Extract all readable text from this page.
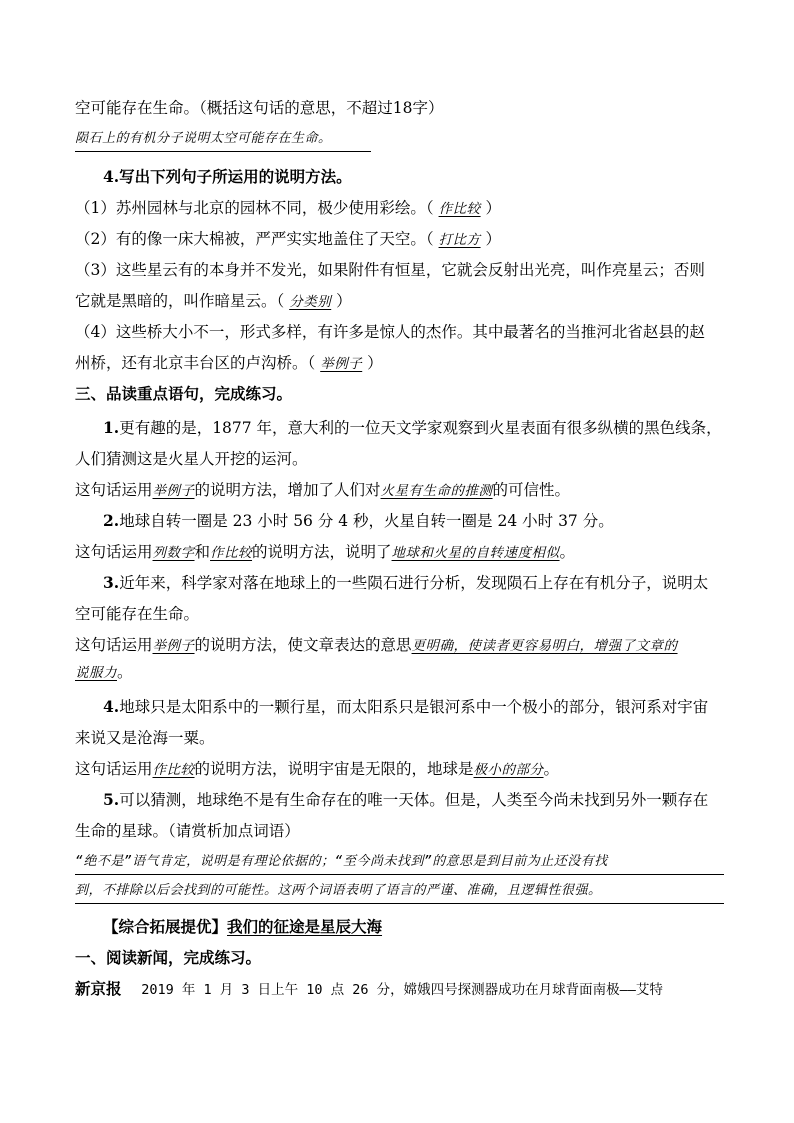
空可能存在生命。（概括这句话的意思，不超过18字）
陨石上的有机分子说明太空可能存在生命。
4.写出下列句子所运用的说明方法。
（1）苏州园林与北京的园林不同，极少使用彩绘。（ 作比较 ）
（2）有的像一床大棉被，严严实实地盖住了天空。（ 打比方 ）
（3）这些星云有的本身并不发光，如果附件有恒星，它就会反射出光亮，叫作亮星云；否则
它就是黑暗的，叫作暗星云。（ 分类别 ）
（4）这些桥大小不一，形式多样，有许多是惊人的杰作。其中最著名的当推河北省赵县的赵
州桥，还有北京丰台区的卢沟桥。（ 举例子 ）
三、品读重点语句，完成练习。
1.更有趣的是，1877 年，意大利的一位天文学家观察到火星表面有很多纵横的黑色线条，
人们猜测这是火星人开挖的运河。
这句话运用举例子的说明方法，增加了人们对火星有生命的推测的可信性。
2.地球自转一圈是 23 小时 56 分 4 秒，火星自转一圈是 24 小时 37 分。
这句话运用列数字和作比较的说明方法，说明了地球和火星的自转速度相似。
3.近年来，科学家对落在地球上的一些陨石进行分析，发现陨石上存在有机分子，说明太
空可能存在生命。
这句话运用举例子的说明方法，使文章表达的意思更明确，使读者更容易明白，增强了文章的
说服力。
4.地球只是太阳系中的一颗行星，而太阳系只是银河系中一个极小的部分，银河系对宇宙
来说又是沧海一粟。
这句话运用作比较的说明方法，说明宇宙是无限的，地球是极小的部分。
5.可以猜测，地球绝不是有生命存在的唯一天体。但是，人类至今尚未找到另外一颗存在
生命的星球。（请赏析加点词语）
“绝不是”语气肯定，说明是有理论依据的；“至今尚未找到”的意思是到目前为止还没有找
到，不排除以后会找到的可能性。这两个词语表明了语言的严谨、准确，且逻辑性很强。
【综合拓展提优】我们的征途是星辰大海
一、阅读新闻，完成练习。
新京报 2019 年 1 月 3 日上午 10 点 26 分，嫦娥四号探测器成功在月球背面南极——艾特
